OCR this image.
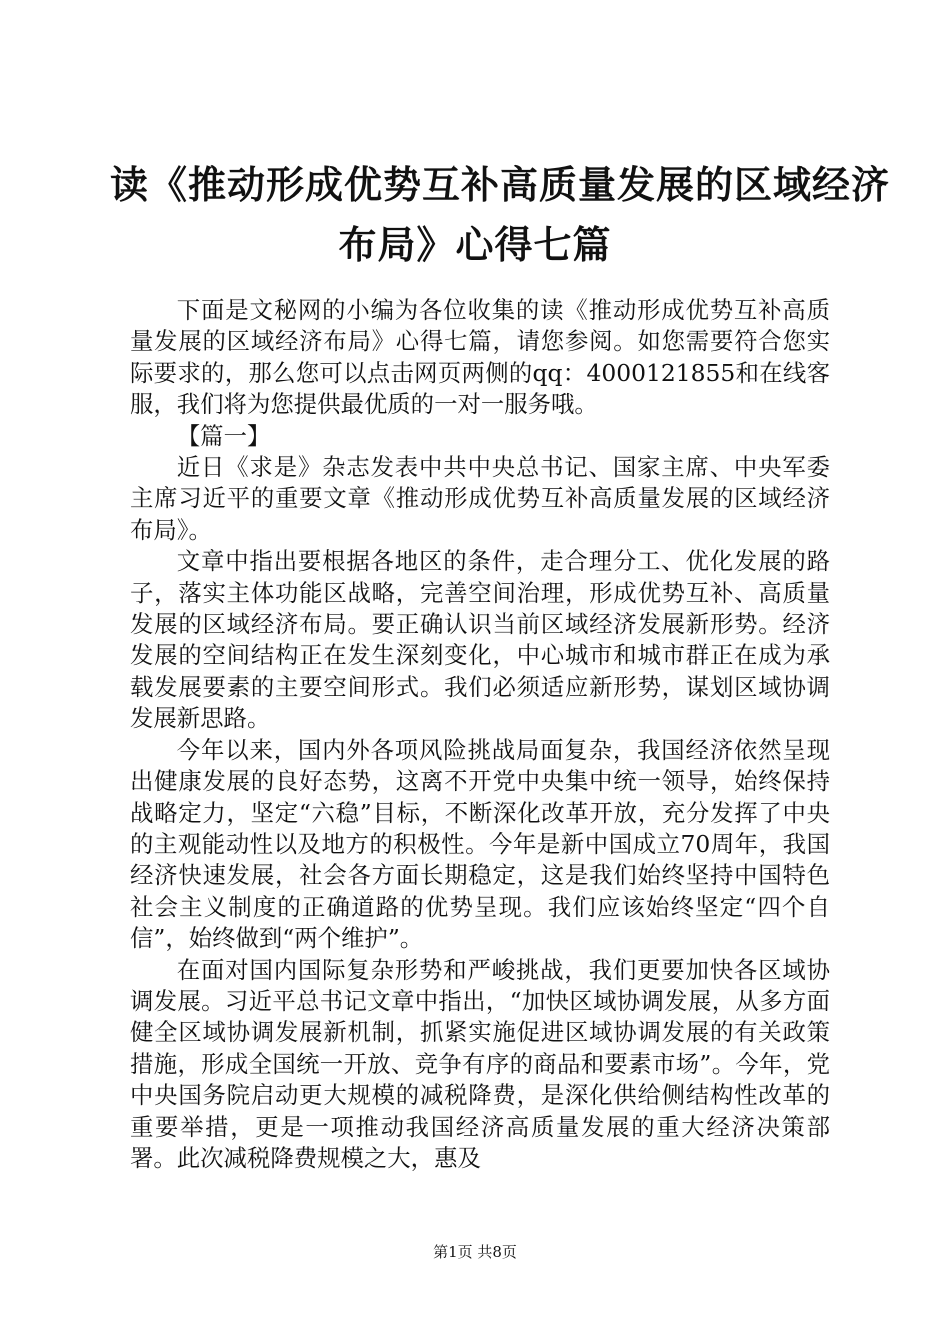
读《推动形成优势互补高质量发展的区域经济
布局》心得七篇

下面是文秘网的小编为各位收集的读《推动形成优势互补高质量发展的区域经济布局》心得七篇，请您参阅。如您需要符合您实际要求的，那么您可以点击网页两侧的qq：4000121855和在线客服，我们将为您提供最优质的一对一服务哦。

【篇一】

近日《求是》杂志发表中共中央总书记、国家主席、中央军委主席习近平的重要文章《推动形成优势互补高质量发展的区域经济布局》。

文章中指出要根据各地区的条件，走合理分工、优化发展的路子，落实主体功能区战略，完善空间治理，形成优势互补、高质量发展的区域经济布局。要正确认识当前区域经济发展新形势。经济发展的空间结构正在发生深刻变化，中心城市和城市群正在成为承载发展要素的主要空间形式。我们必须适应新形势，谋划区域协调发展新思路。

今年以来，国内外各项风险挑战局面复杂，我国经济依然呈现出健康发展的良好态势，这离不开党中央集中统一领导，始终保持战略定力，坚定“六稳”目标，不断深化改革开放，充分发挥了中央的主观能动性以及地方的积极性。今年是新中国成立70周年，我国经济快速发展，社会各方面长期稳定，这是我们始终坚持中国特色社会主义制度的正确道路的优势呈现。我们应该始终坚定“四个自信”，始终做到“两个维护”。

在面对国内国际复杂形势和严峻挑战，我们更要加快各区域协调发展。习近平总书记文章中指出，“加快区域协调发展，从多方面健全区域协调发展新机制，抓紧实施促进区域协调发展的有关政策措施，形成全国统一开放、竞争有序的商品和要素市场”。今年，党中央国务院启动更大规模的减税降费，是深化供给侧结构性改革的重要举措，更是一项推动我国经济高质量发展的重大经济决策部署。此次减税降费规模之大，惠及

第1页 共8页
